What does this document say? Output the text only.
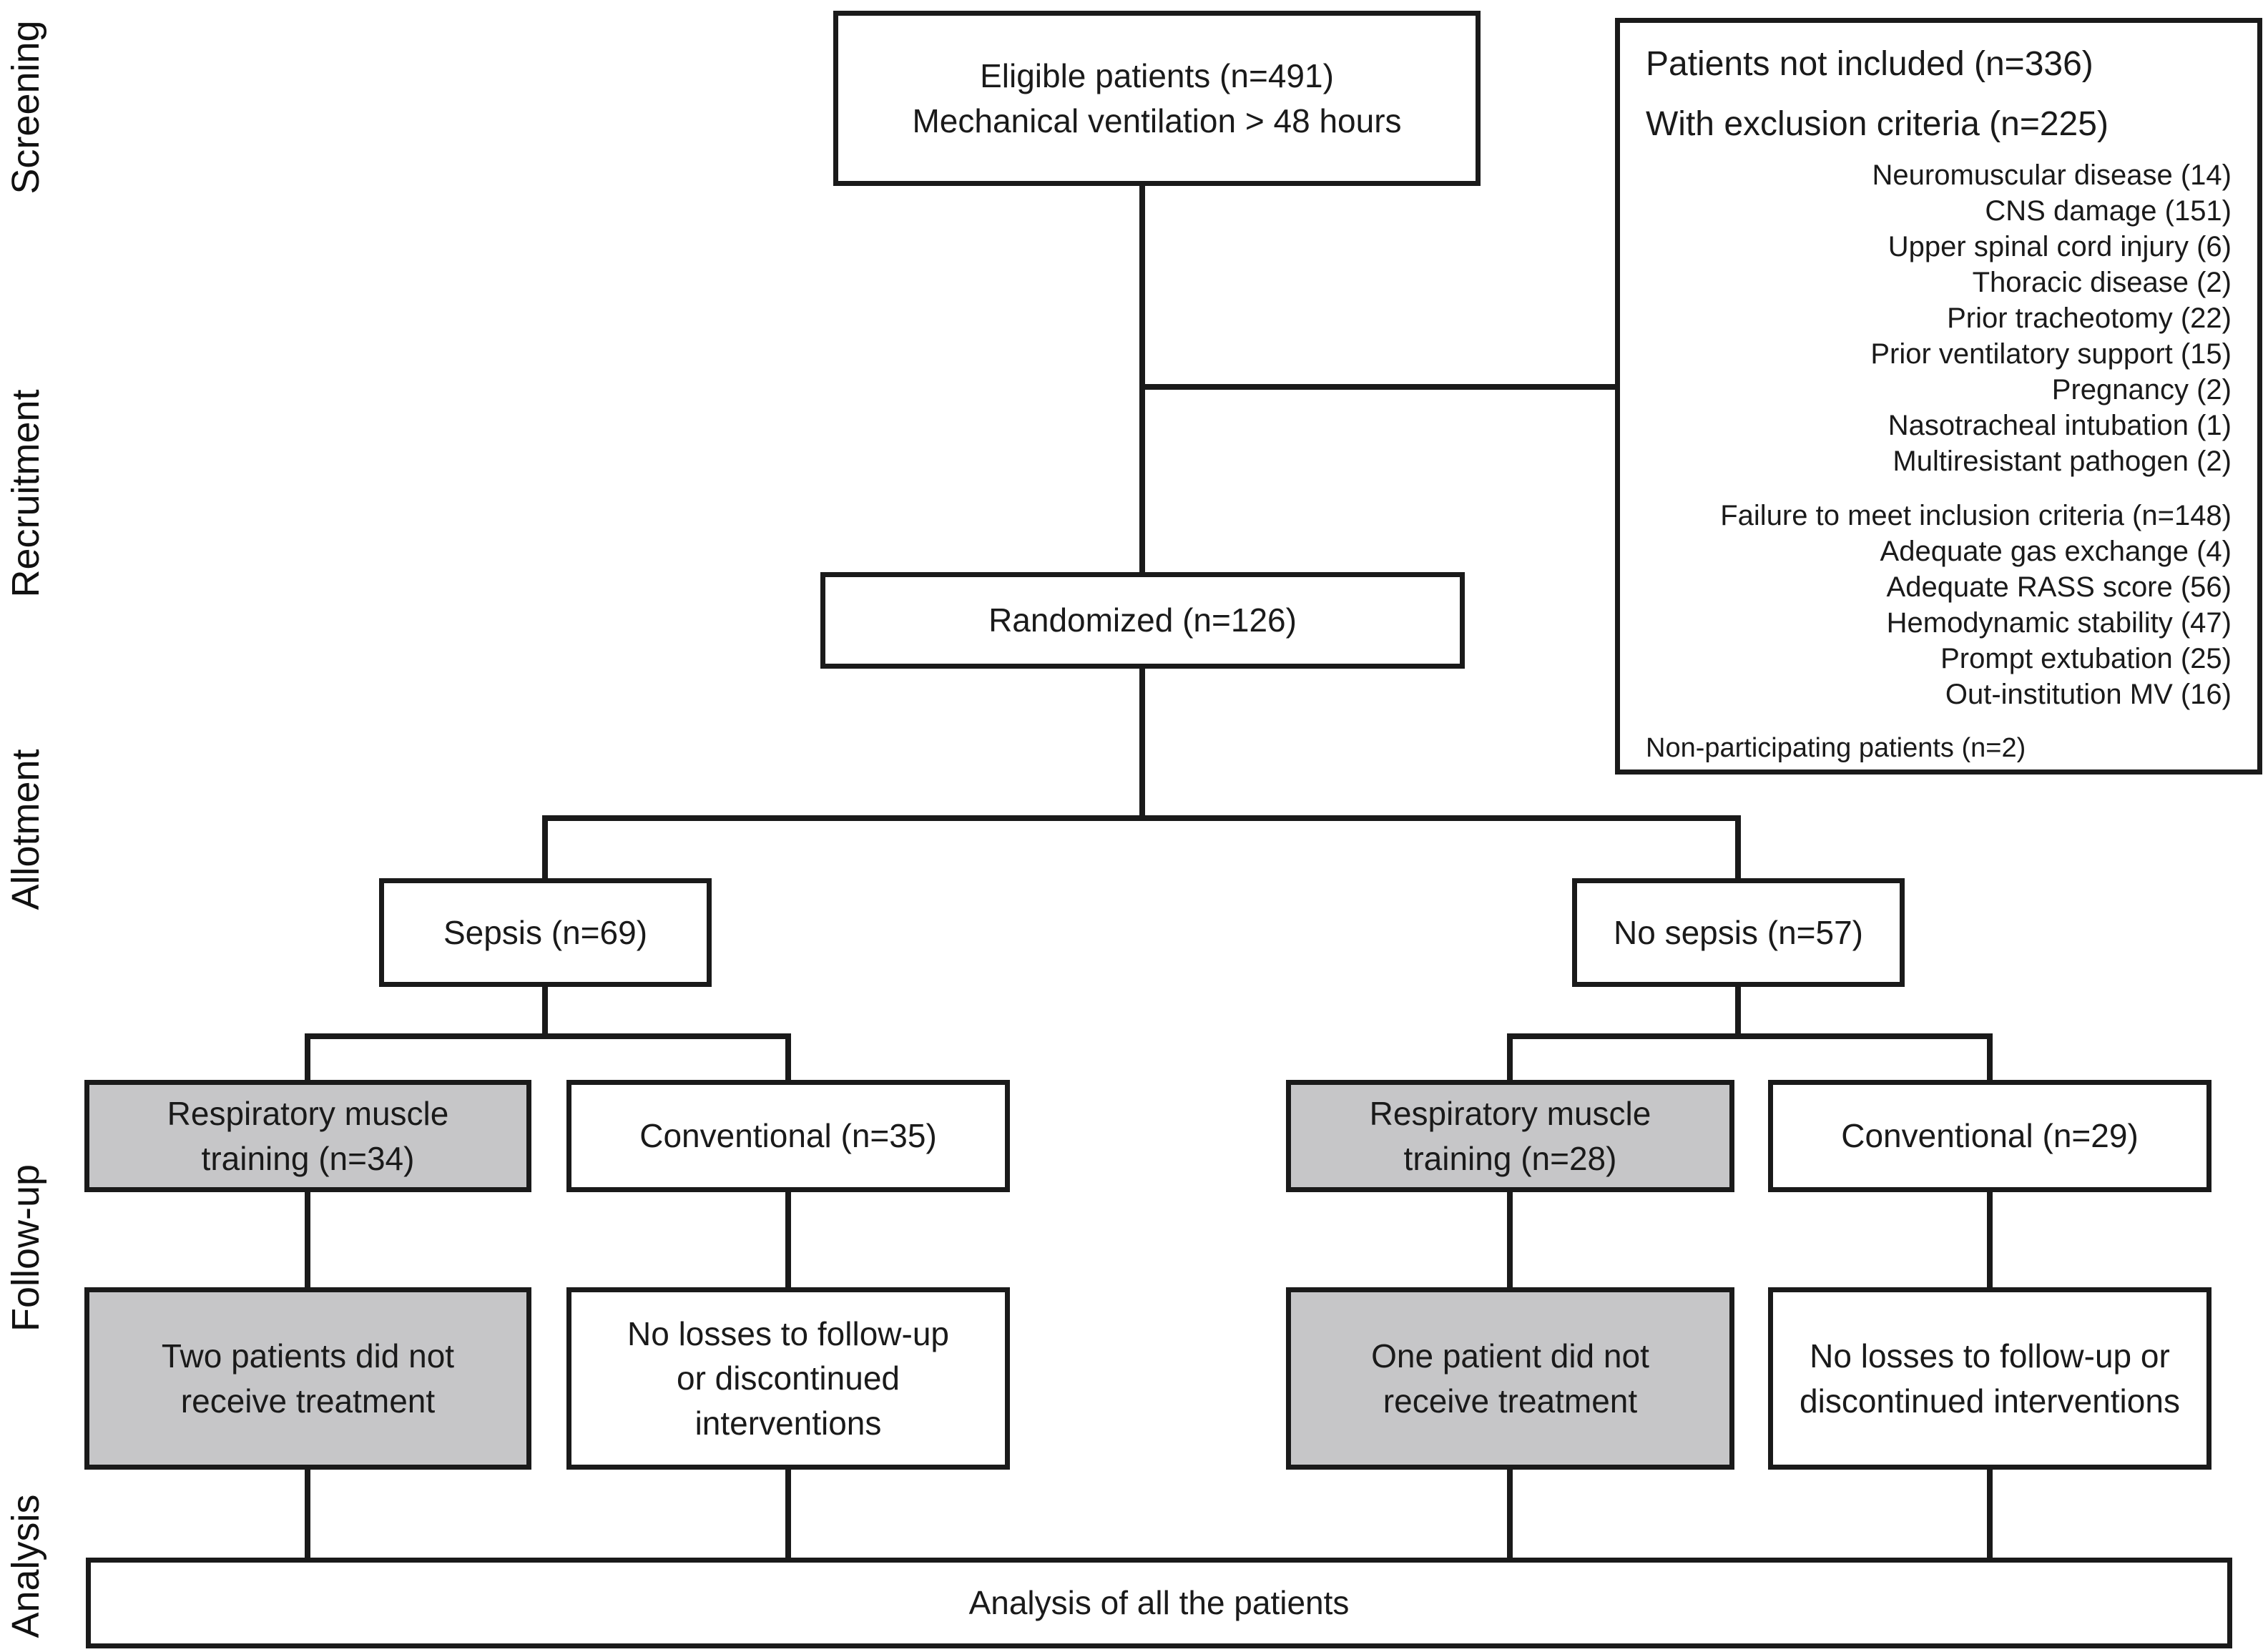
Screening
Recruitment
Allotment
Follow-up
Analysis
Eligible patients (n=491)
Mechanical ventilation > 48 hours
Patients not included (n=336)
With exclusion criteria (n=225)
Neuromuscular disease (14)
CNS damage (151)
Upper spinal cord injury (6)
Thoracic disease (2)
Prior tracheotomy (22)
Prior ventilatory support (15)
Pregnancy (2)
Nasotracheal intubation (1)
Multiresistant pathogen (2)
Failure to meet inclusion criteria (n=148)
Adequate gas exchange (4)
Adequate RASS score (56)
Hemodynamic stability (47)
Prompt extubation (25)
Out-institution MV (16)
Non-participating patients (n=2)
Randomized (n=126)
Sepsis (n=69)	No sepsis (n=57)
Respiratory muscle training (n=34)
Conventional (n=35)
Respiratory muscle training (n=28)
Conventional (n=29)
Two patients did not receive treatment
No losses to follow-up or discontinued interventions
One patient did not receive treatment
No losses to follow-up or discontinued interventions
Analysis of all the patients
